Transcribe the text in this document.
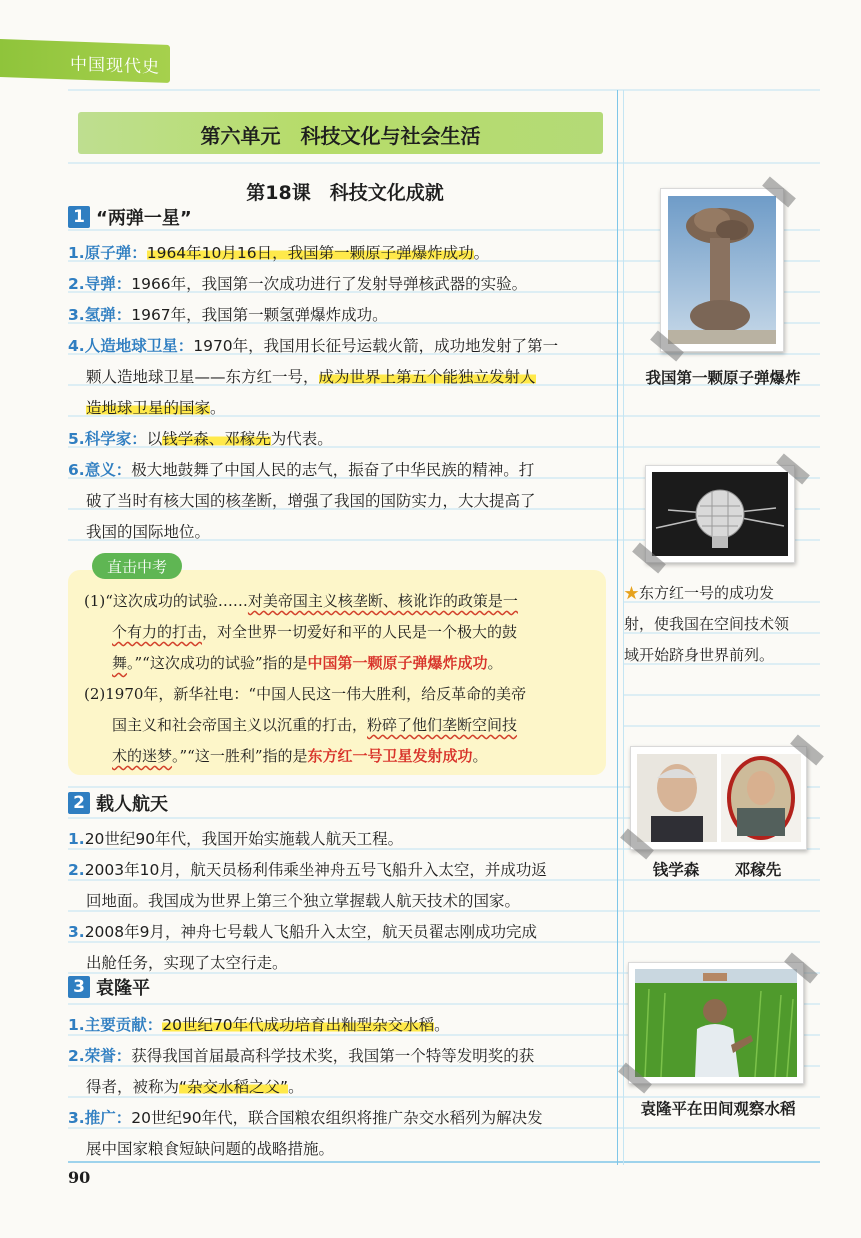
中国现代史
第六单元　科技文化与社会生活
第18课　科技文化成就
1 “两弹一星”
1.原子弹：1964年10月16日，我国第一颗原子弹爆炸成功。
2.导弹：1966年，我国第一次成功进行了发射导弹核武器的实验。
3.氢弹：1967年，我国第一颗氢弹爆炸成功。
4.人造地球卫星：1970年，我国用长征号运载火箭，成功地发射了第一
颗人造地球卫星——东方红一号，成为世界上第五个能独立发射人
造地球卫星的国家。
5.科学家：以钱学森、邓稼先为代表。
6.意义：极大地鼓舞了中国人民的志气，振奋了中华民族的精神。打
破了当时有核大国的核垄断，增强了我国的国防实力，大大提高了
我国的国际地位。
直击中考
(1)“这次成功的试验……对美帝国主义核垄断、核讹诈的政策是一
个有力的打击，对全世界一切爱好和平的人民是一个极大的鼓
舞。”“这次成功的试验”指的是中国第一颗原子弹爆炸成功。
(2)1970年，新华社电：“中国人民这一伟大胜利，给反革命的美帝
国主义和社会帝国主义以沉重的打击，粉碎了他们垄断空间技
术的迷梦。”“这一胜利”指的是东方红一号卫星发射成功。
2 载人航天
1.20世纪90年代，我国开始实施载人航天工程。
2.2003年10月，航天员杨利伟乘坐神舟五号飞船升入太空，并成功返
回地面。我国成为世界上第三个独立掌握载人航天技术的国家。
3.2008年9月，神舟七号载人飞船升入太空，航天员翟志刚成功完成
出舱任务，实现了太空行走。
3 袁隆平
1.主要贡献：20世纪70年代成功培育出籼型杂交水稻。
2.荣誉：获得我国首届最高科学技术奖，我国第一个特等发明奖的获
得者，被称为“杂交水稻之父”。
3.推广：20世纪90年代，联合国粮农组织将推广杂交水稻列为解决发
展中国家粮食短缺问题的战略措施。
我国第一颗原子弹爆炸
★东方红一号的成功发
射，使我国在空间技术领
域开始跻身世界前列。
钱学森	邓稼先
袁隆平在田间观察水稻
90
